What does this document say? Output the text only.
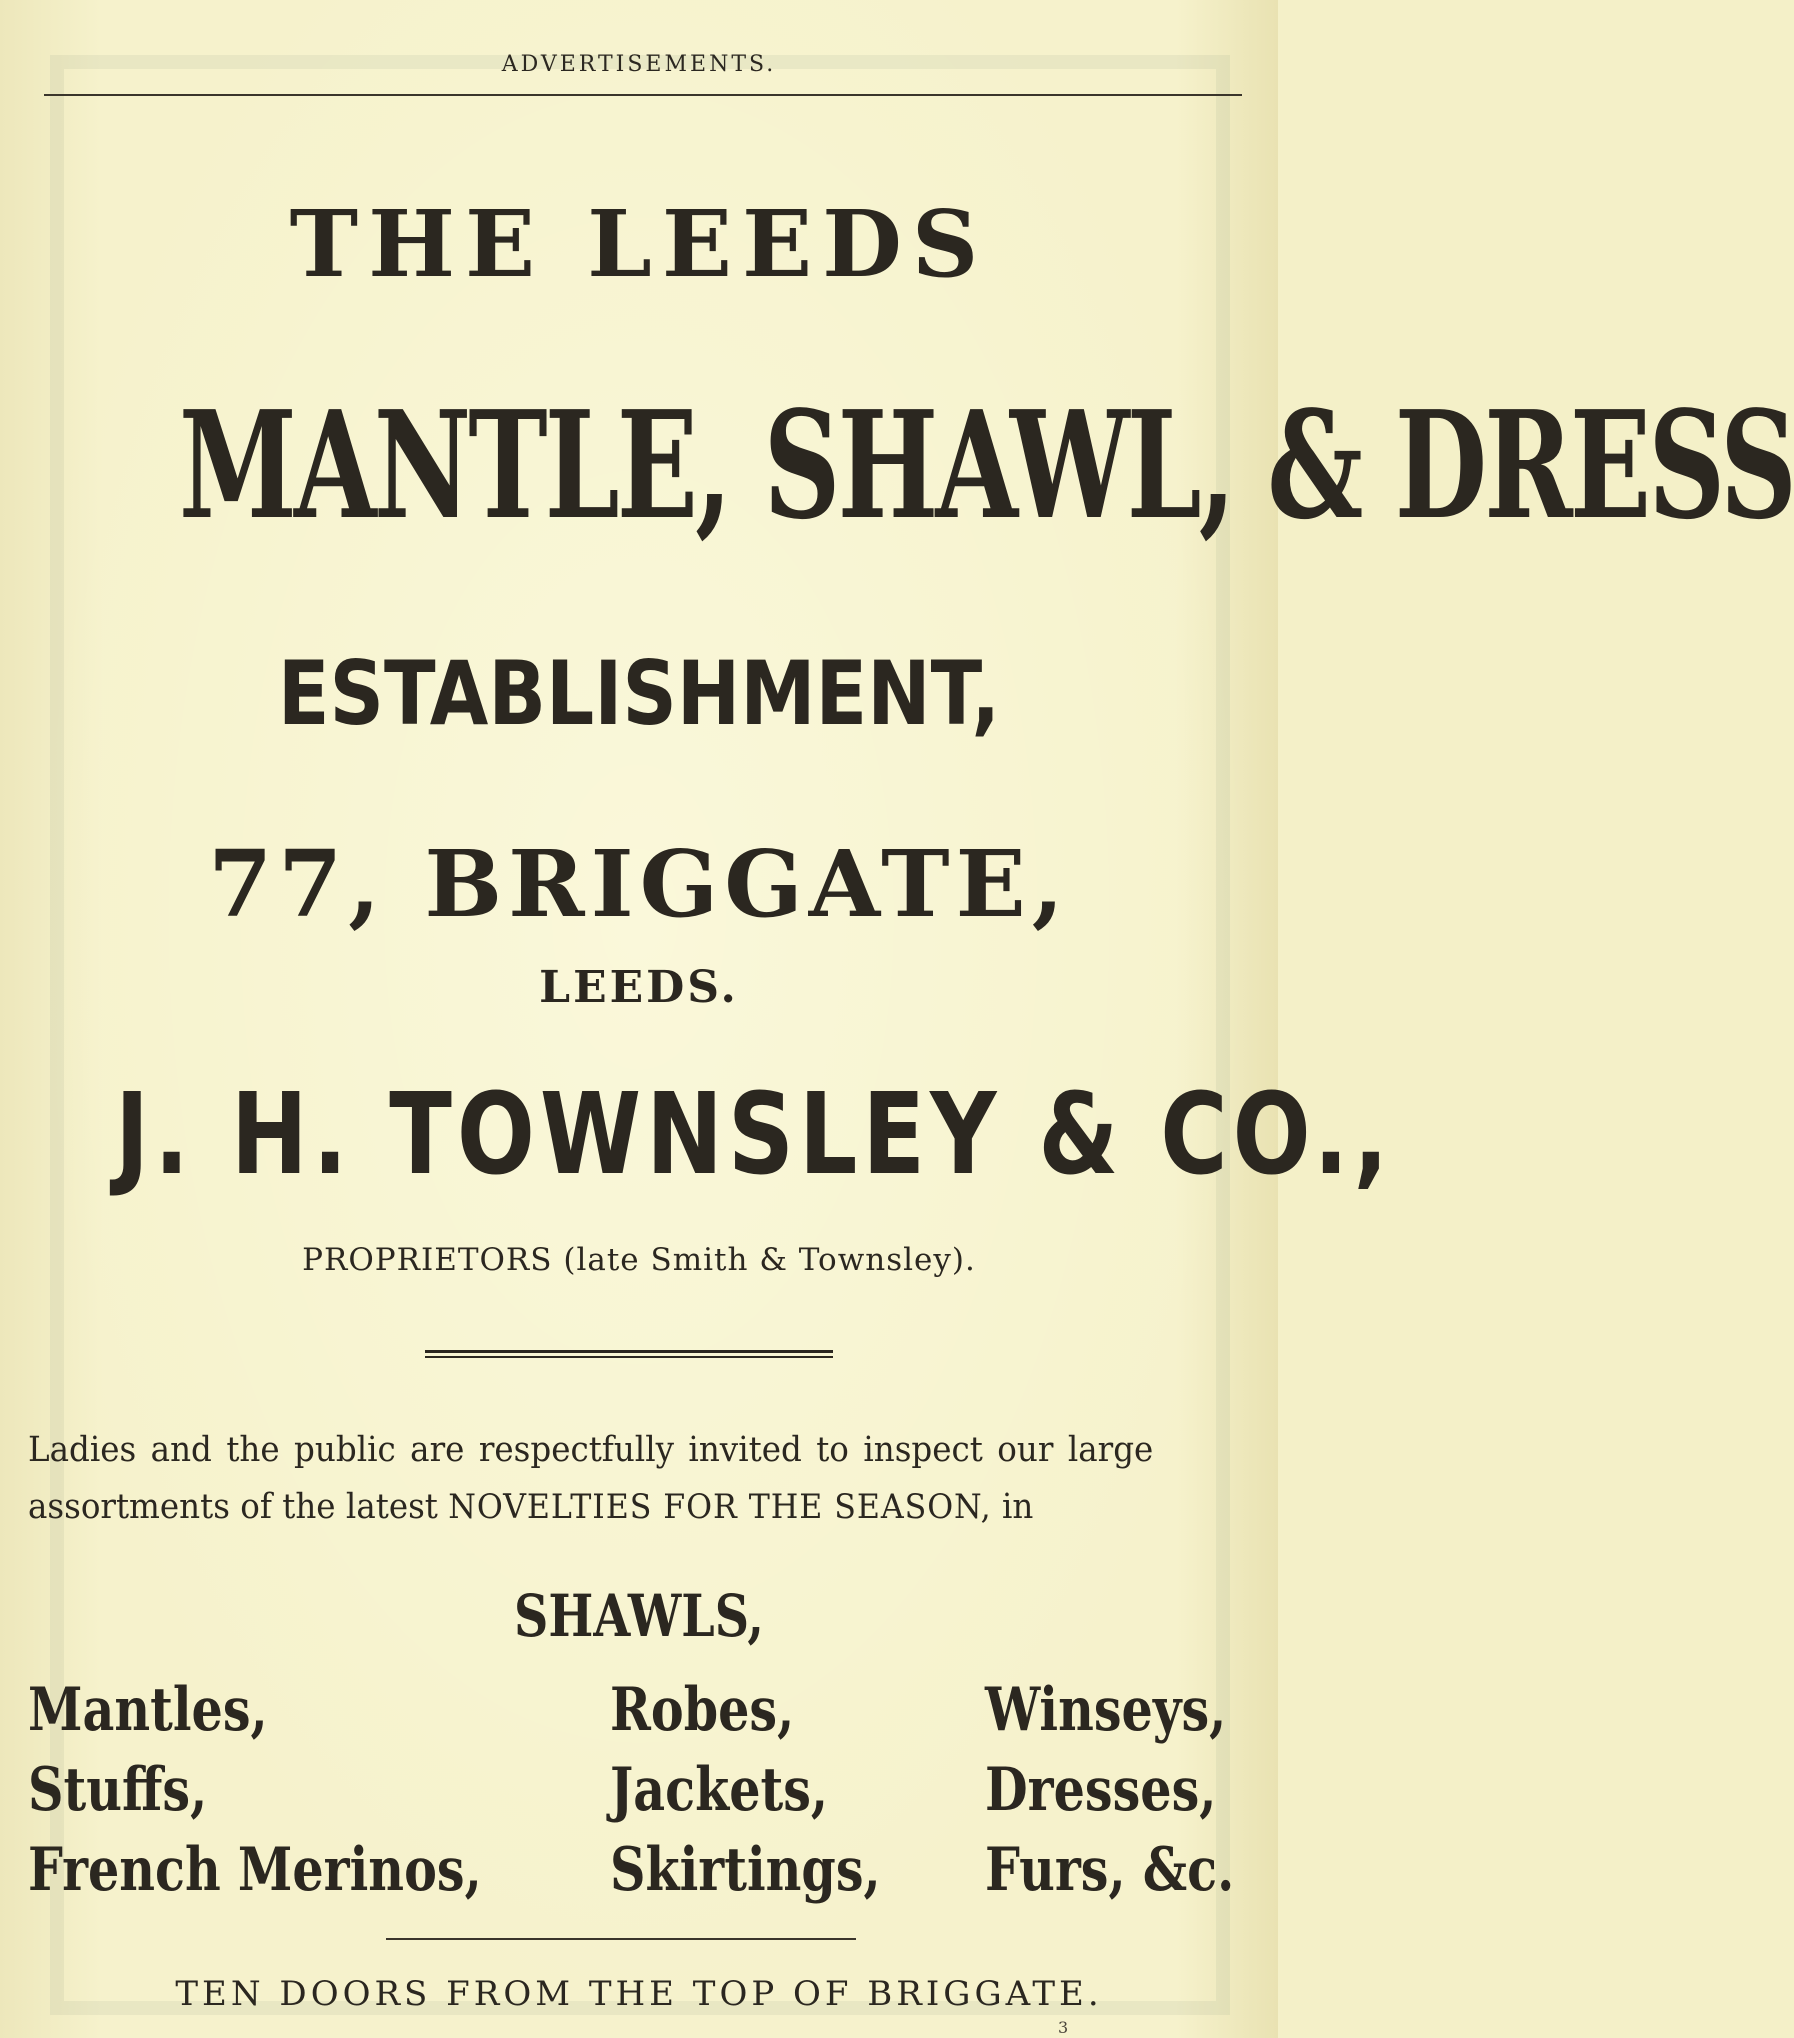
ADVERTISEMENTS.
THE LEEDS
MANTLE, SHAWL, & DRESS
ESTABLISHMENT,
77, BRIGGATE,
LEEDS.
J. H. TOWNSLEY & CO.,
PROPRIETORS (late Smith & Townsley).
Ladies and the public are respectfully invited to inspect our large assortments of the latest NOVELTIES FOR THE SEASON, in
SHAWLS,
Mantles,
Stuffs,
French Merinos,
Robes,
Jackets,
Skirtings,
Winseys,
Dresses,
Furs, &c.
TEN DOORS FROM THE TOP OF BRIGGATE.
3
